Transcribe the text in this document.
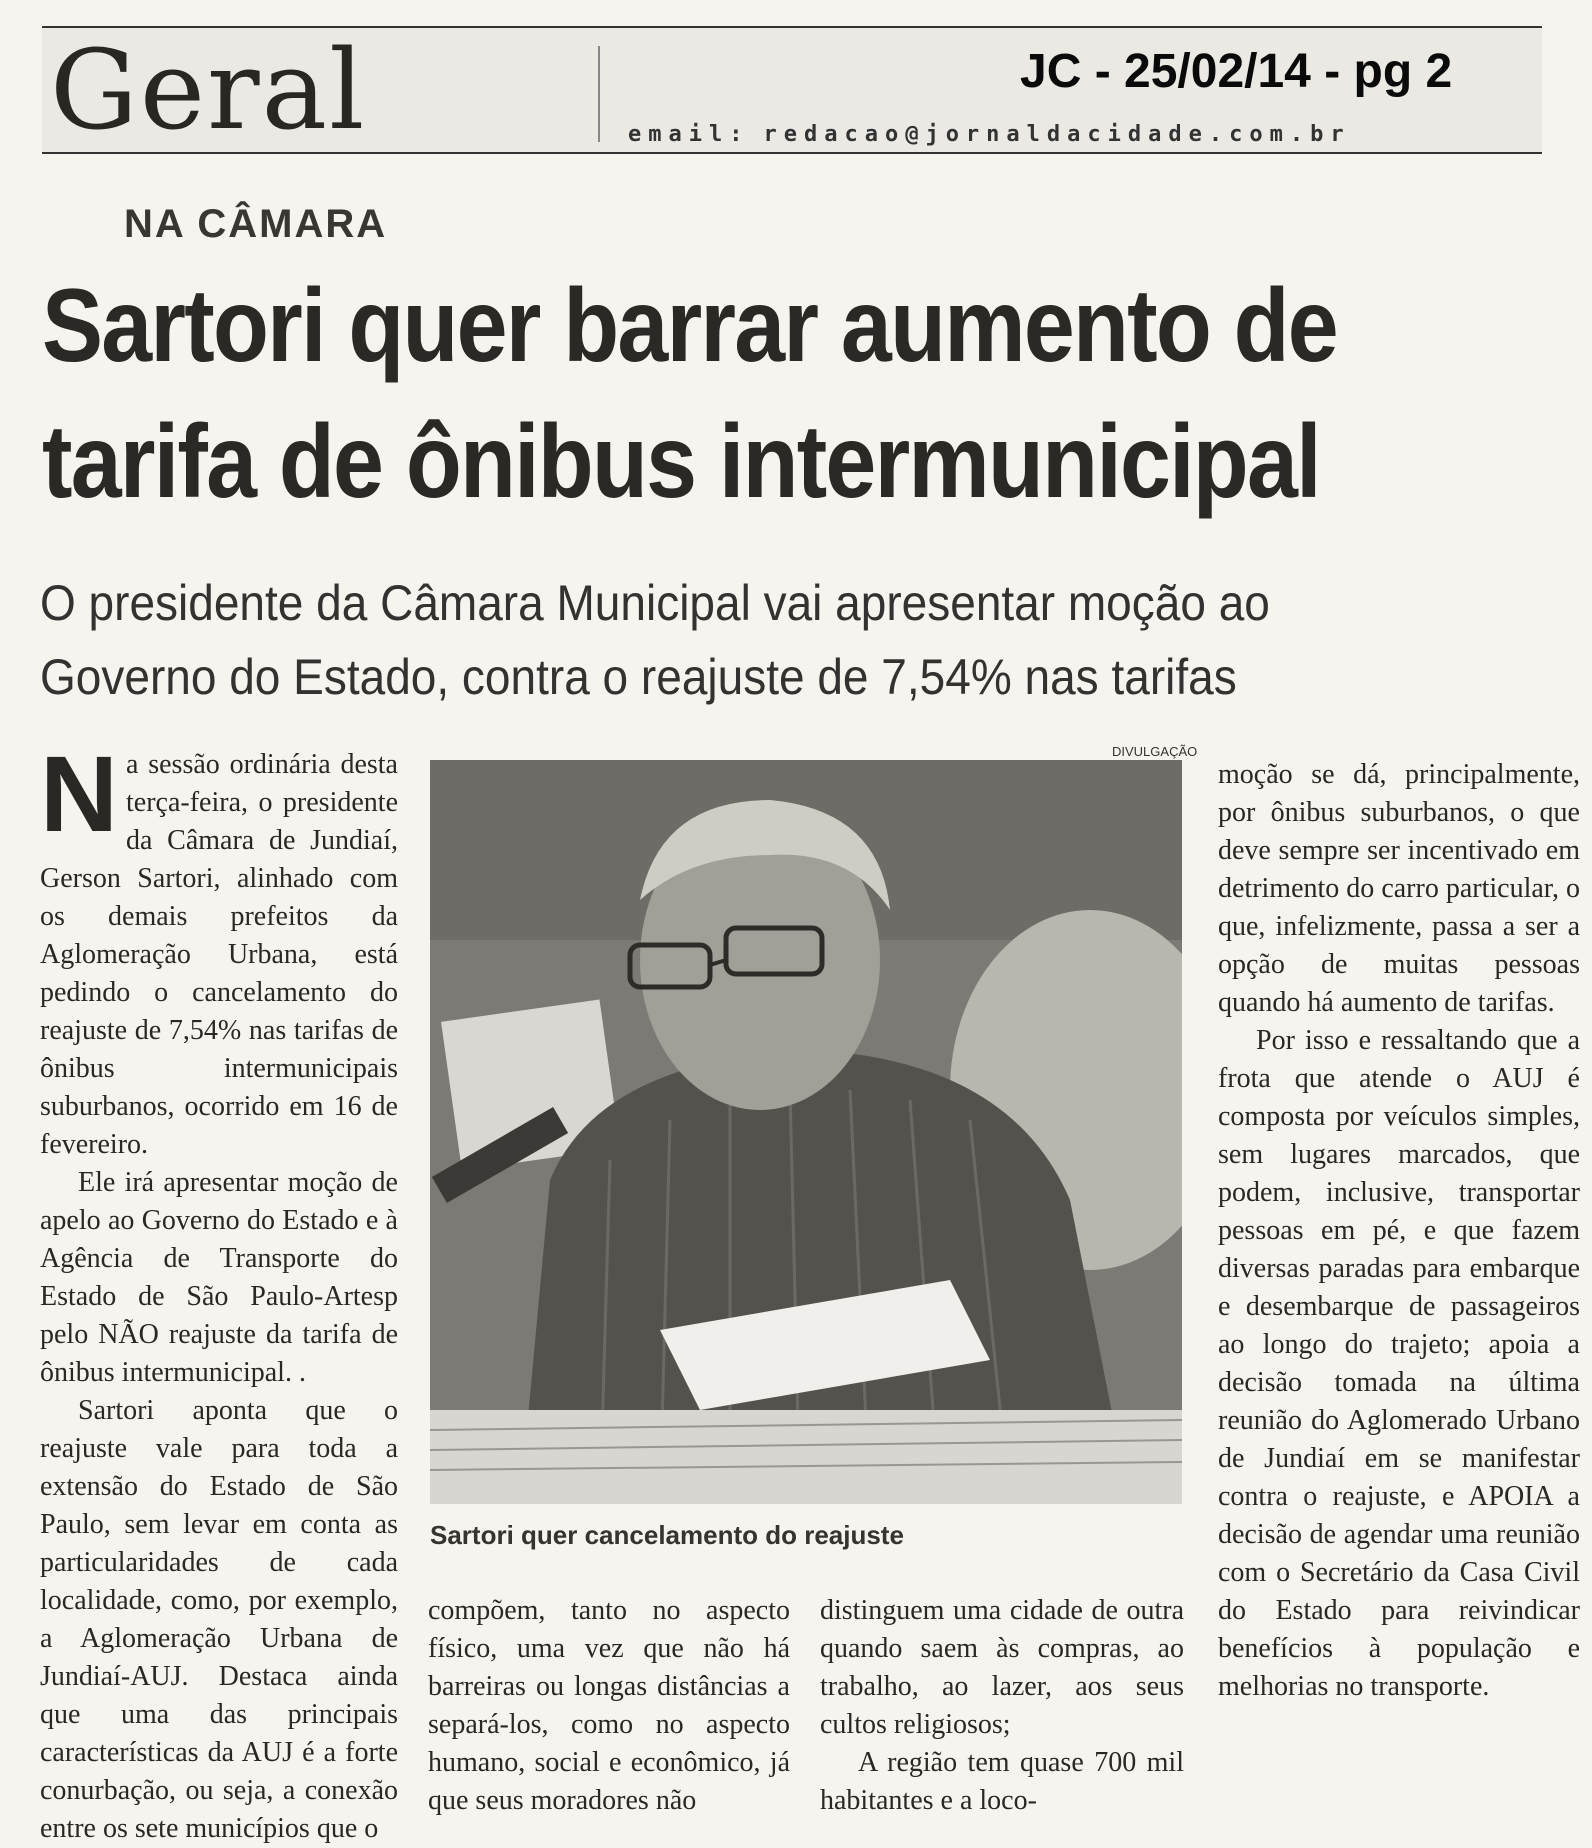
Geral	email: redacao@jornaldacidade.com.br
JC - 25/02/14 - pg 2
NA CÂMARA
Sartori quer barrar aumento de
tarifa de ônibus intermunicipal
O presidente da Câmara Municipal vai apresentar moção ao
Governo do Estado, contra o reajuste de 7,54% nas tarifas

Na sessão ordinária desta terça-feira, o presidente da Câmara de Jundiaí, Gerson Sartori, alinhado com os demais prefeitos da Aglomeração Urbana, está pedindo o cancelamento do reajuste de 7,54% nas tarifas de ônibus intermunicipais suburbanos, ocorrido em 16 de fevereiro.

Ele irá apresentar moção de apelo ao Governo do Estado e à Agência de Transporte do Estado de São Paulo-Artesp pelo NÃO reajuste da tarifa de ônibus intermunicipal. .

Sartori aponta que o reajuste vale para toda a extensão do Estado de São Paulo, sem levar em conta as particularidades de cada localidade, como, por exemplo, a Aglomeração Urbana de Jundiaí-AUJ. Destaca ainda que uma das principais características da AUJ é a forte conurbação, ou seja, a conexão entre os sete municípios que o

DIVULGAÇÃO
Sartori quer cancelamento do reajuste

compõem, tanto no aspecto físico, uma vez que não há barreiras ou longas distâncias a separá-los, como no aspecto humano, social e econômico, já que seus moradores não

distinguem uma cidade de outra quando saem às compras, ao trabalho, ao lazer, aos seus cultos religiosos;

A região tem quase 700 mil habitantes e a loco-

moção se dá, principalmente, por ônibus suburbanos, o que deve sempre ser incentivado em detrimento do carro particular, o que, infelizmente, passa a ser a opção de muitas pessoas quando há aumento de tarifas.

Por isso e ressaltando que a frota que atende o AUJ é composta por veículos simples, sem lugares marcados, que podem, inclusive, transportar pessoas em pé, e que fazem diversas paradas para embarque e desembarque de passageiros ao longo do trajeto; apoia a decisão tomada na última reunião do Aglomerado Urbano de Jundiaí em se manifestar contra o reajuste, e APOIA a decisão de agendar uma reunião com o Secretário da Casa Civil do Estado para reivindicar benefícios à população e melhorias no transporte.
